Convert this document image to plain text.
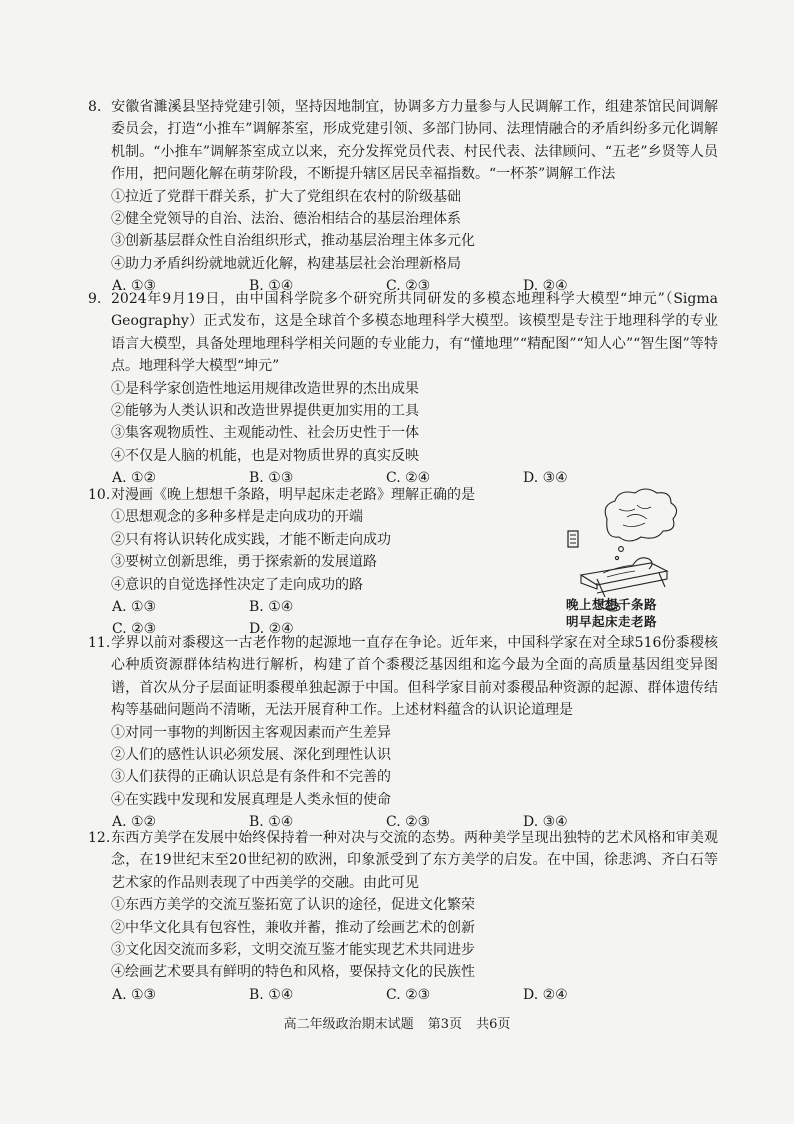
8. 安徽省濉溪县坚持党建引领，坚持因地制宜，协调多方力量参与人民调解工作，组建茶馆民间调解委员会，打造“小推车”调解茶室，形成党建引领、多部门协同、法理情融合的矛盾纠纷多元化调解机制。“小推车”调解茶室成立以来，充分发挥党员代表、村民代表、法律顾问、“五老”乡贤等人员作用，把问题化解在萌芽阶段，不断提升辖区居民幸福指数。“一杯茶”调解工作法

①拉近了党群干群关系，扩大了党组织在农村的阶级基础

②健全党领导的自治、法治、德治相结合的基层治理体系

③创新基层群众性自治组织形式，推动基层治理主体多元化

④助力矛盾纠纷就地就近化解，构建基层社会治理新格局

A. ①③	B. ①④	C. ②③	D. ②④

9. 2024年9月19日，由中国科学院多个研究所共同研发的多模态地理科学大模型“坤元”（Sigma Geography）正式发布，这是全球首个多模态地理科学大模型。该模型是专注于地理科学的专业语言大模型，具备处理地理科学相关问题的专业能力，有“懂地理”“精配图”“知人心”“智生图”等特点。地理科学大模型“坤元”

①是科学家创造性地运用规律改造世界的杰出成果

②能够为人类认识和改造世界提供更加实用的工具

③集客观物质性、主观能动性、社会历史性于一体

④不仅是人脑的机能，也是对物质世界的真实反映

A. ①②	B. ①③	C. ②④	D. ③④

10.对漫画《晚上想想千条路，明早起床走老路》理解正确的是

①思想观念的多种多样是走向成功的开端

②只有将认识转化成实践，才能不断走向成功

③要树立创新思维，勇于探索新的发展道路

④意识的自觉选择性决定了走向成功的路

A. ①③	B. ①④
C. ②③	D. ②④
晚上想想千条路
明早起床走老路

11.学界以前对黍稷这一古老作物的起源地一直存在争论。近年来，中国科学家在对全球516份黍稷核心种质资源群体结构进行解析，构建了首个黍稷泛基因组和迄今最为全面的高质量基因组变异图谱，首次从分子层面证明黍稷单独起源于中国。但科学家目前对黍稷品种资源的起源、群体遗传结构等基础问题尚不清晰，无法开展育种工作。上述材料蕴含的认识论道理是

①对同一事物的判断因主客观因素而产生差异

②人们的感性认识必须发展、深化到理性认识

③人们获得的正确认识总是有条件和不完善的

④在实践中发现和发展真理是人类永恒的使命

A. ①②	B. ①④	C. ②③	D. ③④

12.东西方美学在发展中始终保持着一种对决与交流的态势。两种美学呈现出独特的艺术风格和审美观念，在19世纪末至20世纪初的欧洲，印象派受到了东方美学的启发。在中国，徐悲鸿、齐白石等艺术家的作品则表现了中西美学的交融。由此可见

①东西方美学的交流互鉴拓宽了认识的途径，促进文化繁荣

②中华文化具有包容性，兼收并蓄，推动了绘画艺术的创新

③文化因交流而多彩，文明交流互鉴才能实现艺术共同进步

④绘画艺术要具有鲜明的特色和风格，要保持文化的民族性

A. ①③	B. ①④	C. ②③	D. ②④
高二年级政治期末试题 第3页 共6页
